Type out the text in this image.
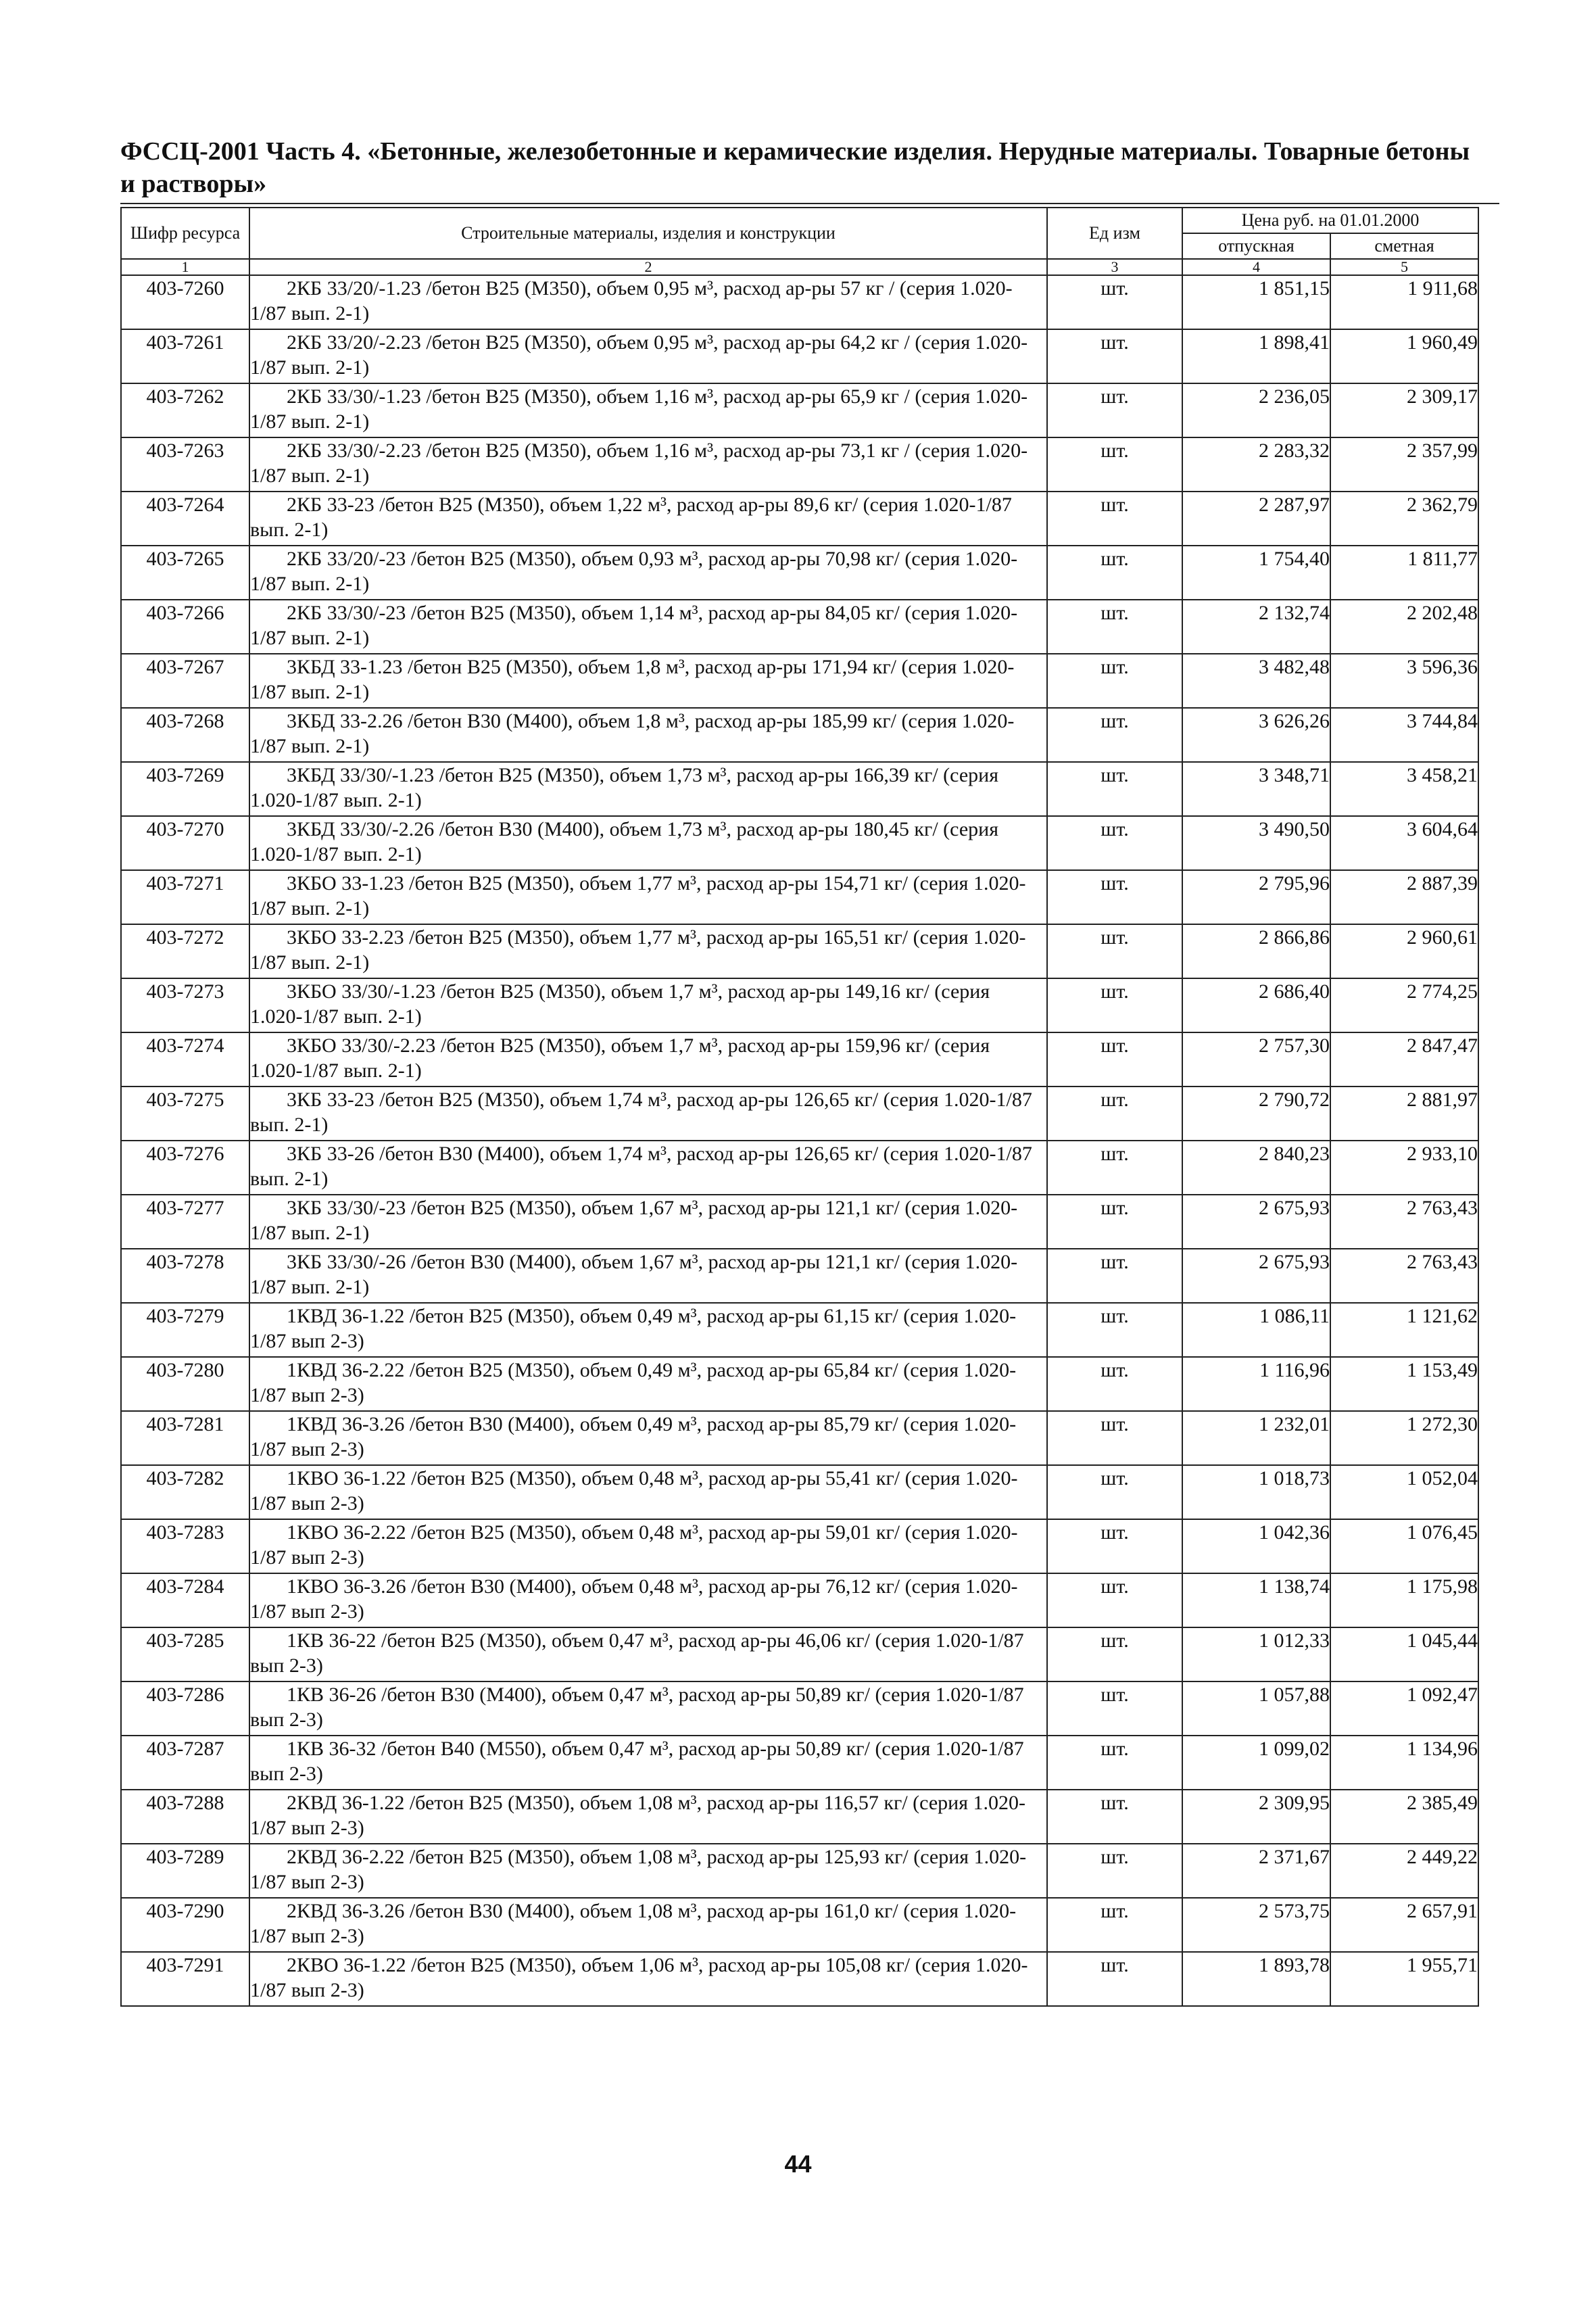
ФССЦ-2001 Часть 4. «Бетонные, железобетонные и керамические изделия. Нерудные материалы. Товарные бетоны и растворы»
Шифр ресурса	Строительные материалы, изделия и конструкции	Ед изм	Цена руб. на 01.01.2000	
			отпускная	сметная
1	2	3	4	5
403-7260	2КБ 33/20/-1.23 /бетон В25 (М350), объем 0,95 м³, расход ар-ры 57 кг / (серия 1.020-1/87 вып. 2-1)	шт.	1 851,15	1 911,68
403-7261	2КБ 33/20/-2.23 /бетон В25 (М350), объем 0,95 м³, расход ар-ры 64,2 кг / (серия 1.020-1/87 вып. 2-1)	шт.	1 898,41	1 960,49
403-7262	2КБ 33/30/-1.23 /бетон В25 (М350), объем 1,16 м³, расход ар-ры 65,9 кг / (серия 1.020-1/87 вып. 2-1)	шт.	2 236,05	2 309,17
403-7263	2КБ 33/30/-2.23 /бетон В25 (М350), объем 1,16 м³, расход ар-ры 73,1 кг / (серия 1.020-1/87 вып. 2-1)	шт.	2 283,32	2 357,99
403-7264	2КБ 33-23 /бетон В25 (М350), объем 1,22 м³, расход ар-ры 89,6 кг/ (серия 1.020-1/87 вып. 2-1)	шт.	2 287,97	2 362,79
403-7265	2КБ 33/20/-23 /бетон В25 (М350), объем 0,93 м³, расход ар-ры 70,98 кг/ (серия 1.020-1/87 вып. 2-1)	шт.	1 754,40	1 811,77
403-7266	2КБ 33/30/-23 /бетон В25 (М350), объем 1,14 м³, расход ар-ры 84,05 кг/ (серия 1.020-1/87 вып. 2-1)	шт.	2 132,74	2 202,48
403-7267	3КБД 33-1.23 /бетон В25 (М350), объем 1,8 м³, расход ар-ры 171,94 кг/ (серия 1.020-1/87 вып. 2-1)	шт.	3 482,48	3 596,36
403-7268	3КБД 33-2.26 /бетон В30 (М400), объем 1,8 м³, расход ар-ры 185,99 кг/ (серия 1.020-1/87 вып. 2-1)	шт.	3 626,26	3 744,84
403-7269	3КБД 33/30/-1.23 /бетон В25 (М350), объем 1,73 м³, расход ар-ры 166,39 кг/ (серия 1.020-1/87 вып. 2-1)	шт.	3 348,71	3 458,21
403-7270	3КБД 33/30/-2.26 /бетон В30 (М400), объем 1,73 м³, расход ар-ры 180,45 кг/ (серия 1.020-1/87 вып. 2-1)	шт.	3 490,50	3 604,64
403-7271	3КБО 33-1.23 /бетон В25 (М350), объем 1,77 м³, расход ар-ры 154,71 кг/ (серия 1.020-1/87 вып. 2-1)	шт.	2 795,96	2 887,39
403-7272	3КБО 33-2.23 /бетон В25 (М350), объем 1,77 м³, расход ар-ры 165,51 кг/ (серия 1.020-1/87 вып. 2-1)	шт.	2 866,86	2 960,61
403-7273	3КБО 33/30/-1.23 /бетон В25 (М350), объем 1,7 м³, расход ар-ры 149,16 кг/ (серия 1.020-1/87 вып. 2-1)	шт.	2 686,40	2 774,25
403-7274	3КБО 33/30/-2.23 /бетон В25 (М350), объем 1,7 м³, расход ар-ры 159,96 кг/ (серия 1.020-1/87 вып. 2-1)	шт.	2 757,30	2 847,47
403-7275	3КБ 33-23 /бетон В25 (М350), объем 1,74 м³, расход ар-ры 126,65 кг/ (серия 1.020-1/87 вып. 2-1)	шт.	2 790,72	2 881,97
403-7276	3КБ 33-26 /бетон В30 (М400), объем 1,74 м³, расход ар-ры 126,65 кг/ (серия 1.020-1/87 вып. 2-1)	шт.	2 840,23	2 933,10
403-7277	3КБ 33/30/-23 /бетон В25 (М350), объем 1,67 м³, расход ар-ры 121,1 кг/ (серия 1.020-1/87 вып. 2-1)	шт.	2 675,93	2 763,43
403-7278	3КБ 33/30/-26 /бетон В30 (М400), объем 1,67 м³, расход ар-ры 121,1 кг/ (серия 1.020-1/87 вып. 2-1)	шт.	2 675,93	2 763,43
403-7279	1КВД 36-1.22 /бетон В25 (М350), объем 0,49 м³, расход ар-ры 61,15 кг/ (серия 1.020-1/87 вып 2-3)	шт.	1 086,11	1 121,62
403-7280	1КВД 36-2.22 /бетон В25 (М350), объем 0,49 м³, расход ар-ры 65,84 кг/ (серия 1.020-1/87 вып 2-3)	шт.	1 116,96	1 153,49
403-7281	1КВД 36-3.26 /бетон В30 (М400), объем 0,49 м³, расход ар-ры 85,79 кг/ (серия 1.020-1/87 вып 2-3)	шт.	1 232,01	1 272,30
403-7282	1КВО 36-1.22 /бетон В25 (М350), объем 0,48 м³, расход ар-ры 55,41 кг/ (серия 1.020-1/87 вып 2-3)	шт.	1 018,73	1 052,04
403-7283	1КВО 36-2.22 /бетон В25 (М350), объем 0,48 м³, расход ар-ры 59,01 кг/ (серия 1.020-1/87 вып 2-3)	шт.	1 042,36	1 076,45
403-7284	1КВО 36-3.26 /бетон В30 (М400), объем 0,48 м³, расход ар-ры 76,12 кг/ (серия 1.020-1/87 вып 2-3)	шт.	1 138,74	1 175,98
403-7285	1КВ 36-22 /бетон В25 (М350), объем 0,47 м³, расход ар-ры 46,06 кг/ (серия 1.020-1/87 вып 2-3)	шт.	1 012,33	1 045,44
403-7286	1КВ 36-26 /бетон В30 (М400), объем 0,47 м³, расход ар-ры 50,89 кг/ (серия 1.020-1/87 вып 2-3)	шт.	1 057,88	1 092,47
403-7287	1КВ 36-32 /бетон В40 (М550), объем 0,47 м³, расход ар-ры 50,89 кг/ (серия 1.020-1/87 вып 2-3)	шт.	1 099,02	1 134,96
403-7288	2КВД 36-1.22 /бетон В25 (М350), объем 1,08 м³, расход ар-ры 116,57 кг/ (серия 1.020-1/87 вып 2-3)	шт.	2 309,95	2 385,49
403-7289	2КВД 36-2.22 /бетон В25 (М350), объем 1,08 м³, расход ар-ры 125,93 кг/ (серия 1.020-1/87 вып 2-3)	шт.	2 371,67	2 449,22
403-7290	2КВД 36-3.26 /бетон В30 (М400), объем 1,08 м³, расход ар-ры 161,0 кг/ (серия 1.020-1/87 вып 2-3)	шт.	2 573,75	2 657,91
403-7291	2КВО 36-1.22 /бетон В25 (М350), объем 1,06 м³, расход ар-ры 105,08 кг/ (серия 1.020-1/87 вып 2-3)	шт.	1 893,78	1 955,71
44
